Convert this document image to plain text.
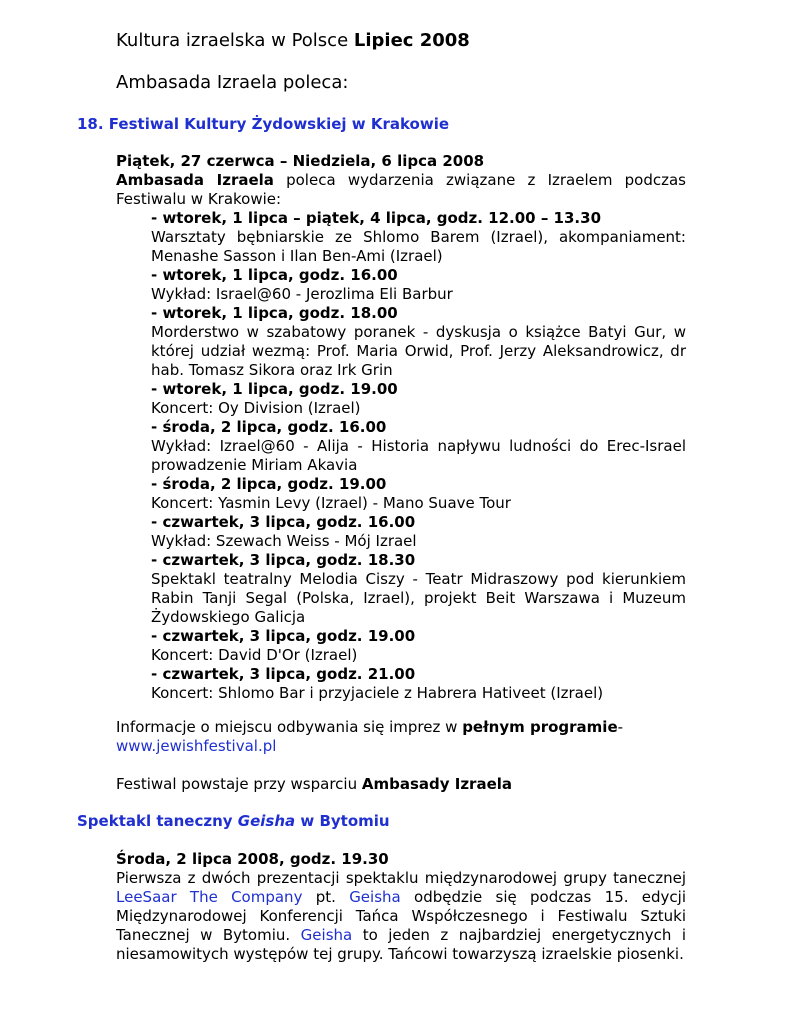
Kultura izraelska w Polsce Lipiec 2008
Ambasada Izraela poleca:
18. Festiwal Kultury Żydowskiej w Krakowie
Piątek, 27 czerwca – Niedziela, 6 lipca 2008
Ambasada Izraela poleca wydarzenia związane z Izraelem podczas Festiwalu w Krakowie:
- wtorek, 1 lipca – piątek, 4 lipca, godz. 12.00 – 13.30
Warsztaty bębniarskie ze Shlomo Barem (Izrael), akompaniament: Menashe Sasson i Ilan Ben-Ami (Izrael)
- wtorek, 1 lipca, godz. 16.00
Wykład: Israel@60 - Jerozlima Eli Barbur
- wtorek, 1 lipca, godz. 18.00
Morderstwo w szabatowy poranek - dyskusja o książce Batyi Gur, w której udział wezmą: Prof. Maria Orwid, Prof. Jerzy Aleksandrowicz, dr hab. Tomasz Sikora oraz Irk Grin
- wtorek, 1 lipca, godz. 19.00
Koncert: Oy Division (Izrael)
- środa, 2 lipca, godz. 16.00
Wykład: Izrael@60 - Alija - Historia napływu ludności do Erec-Israel prowadzenie Miriam Akavia
- środa, 2 lipca, godz. 19.00
Koncert: Yasmin Levy (Izrael) - Mano Suave Tour
- czwartek, 3 lipca, godz. 16.00
Wykład: Szewach Weiss - Mój Izrael
- czwartek, 3 lipca, godz. 18.30
Spektakl teatralny Melodia Ciszy - Teatr Midraszowy pod kierunkiem Rabin Tanji Segal (Polska, Izrael), projekt Beit Warszawa i Muzeum Żydowskiego Galicja
- czwartek, 3 lipca, godz. 19.00
Koncert: David D'Or (Izrael)
- czwartek, 3 lipca, godz. 21.00
Koncert: Shlomo Bar i przyjaciele z Habrera Hativeet (Izrael)
Informacje o miejscu odbywania się imprez w pełnym programie-
www.jewishfestival.pl
Festiwal powstaje przy wsparciu Ambasady Izraela
Spektakl taneczny Geisha w Bytomiu
Środa, 2 lipca 2008, godz. 19.30
Pierwsza z dwóch prezentacji spektaklu międzynarodowej grupy tanecznej LeeSaar The Company pt. Geisha odbędzie się podczas 15. edycji Międzynarodowej Konferencji Tańca Współczesnego i Festiwalu Sztuki Tanecznej w Bytomiu. Geisha to jeden z najbardziej energetycznych i niesamowitych występów tej grupy. Tańcowi towarzyszą izraelskie piosenki.
